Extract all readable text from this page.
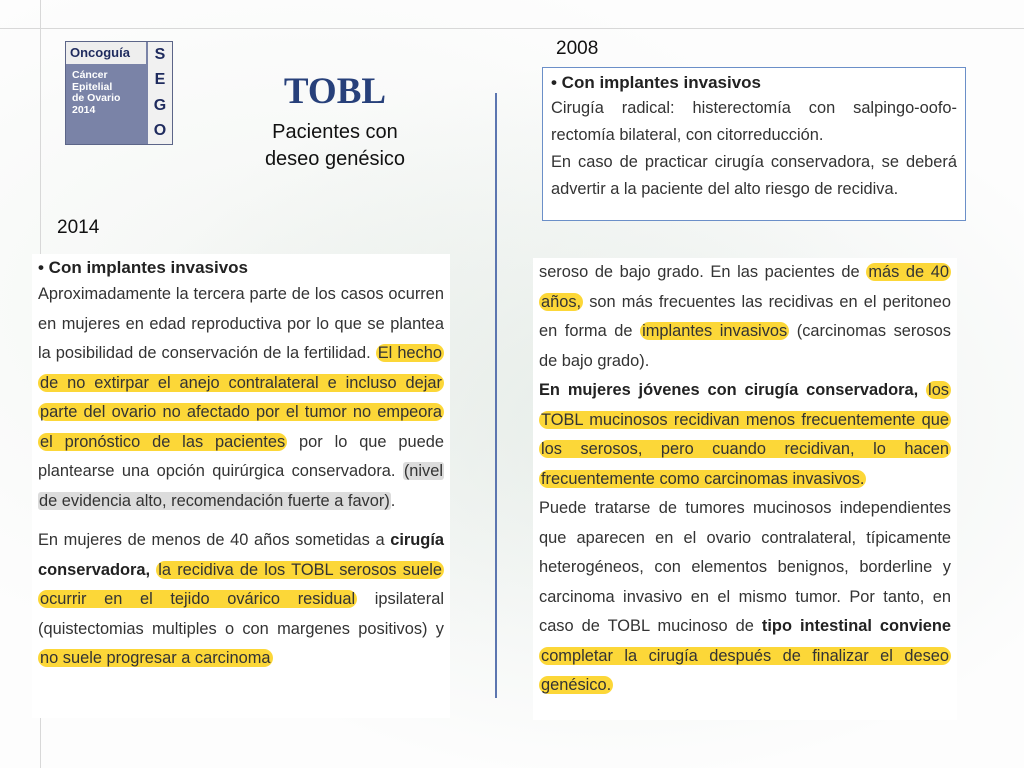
Oncoguía
Cáncer
Epitelial
de Ovario
2014
S
E
G
O
TOBL
Pacientes con deseo genésico
2014
2008
• Con implantes invasivos
Cirugía radical: histerectomía con salpingo-oofo-rectomía bilateral, con citorreducción.
En caso de practicar cirugía conservadora, se deberá advertir a la paciente del alto riesgo de recidiva.
• Con implantes invasivos
Aproximadamente la tercera parte de los casos ocurren en mujeres en edad reproductiva por lo que se plantea la posibilidad de conservación de la fertilidad. El hecho de no extirpar el anejo contralateral e incluso dejar parte del ovario no afectado por el tumor no empeora el pronóstico de las pacientes por lo que puede plantearse una opción quirúrgica conservadora. (nivel de evidencia alto, recomendación fuerte a favor).
En mujeres de menos de 40 años sometidas a cirugía conservadora, la recidiva de los TOBL serosos suele ocurrir en el tejido ovárico residual ipsilateral (quistectomias multiples o con margenes positivos) y no suele progresar a carcinoma
seroso de bajo grado. En las pacientes de más de 40 años, son más frecuentes las recidivas en el peritoneo en forma de implantes invasivos (carcinomas serosos de bajo grado).
En mujeres jóvenes con cirugía conservadora, los TOBL mucinosos recidivan menos frecuentemente que los serosos, pero cuando recidivan, lo hacen frecuentemente como carcinomas invasivos.
Puede tratarse de tumores mucinosos independientes que aparecen en el ovario contralateral, típicamente heterogéneos, con elementos benignos, borderline y carcinoma invasivo en el mismo tumor. Por tanto, en caso de TOBL mucinoso de tipo intestinal conviene completar la cirugía después de finalizar el deseo genésico.
